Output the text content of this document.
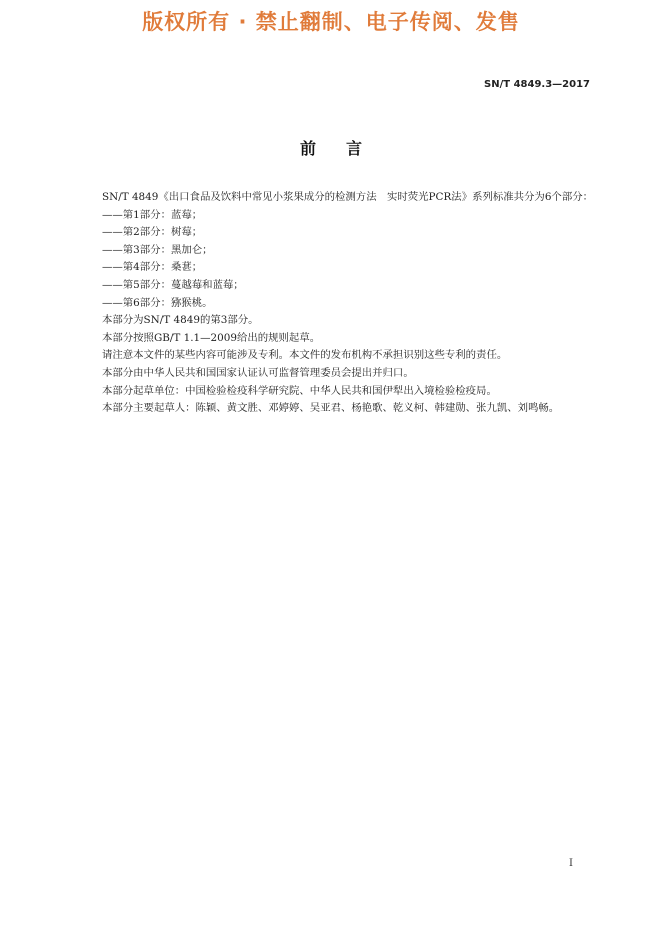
版权所有 · 禁止翻制、电子传阅、发售
SN/T 4849.3—2017
前言

SN/T 4849《出口食品及饮料中常见小浆果成分的检测方法　实时荧光PCR法》系列标准共分为6个部分：

——第1部分：蓝莓；

——第2部分：树莓；

——第3部分：黑加仑；

——第4部分：桑葚；

——第5部分：蔓越莓和蓝莓；

——第6部分：猕猴桃。

本部分为SN/T 4849的第3部分。

本部分按照GB/T 1.1—2009给出的规则起草。

请注意本文件的某些内容可能涉及专利。本文件的发布机构不承担识别这些专利的责任。

本部分由中华人民共和国国家认证认可监督管理委员会提出并归口。

本部分起草单位：中国检验检疫科学研究院、中华人民共和国伊犁出入境检验检疫局。

本部分主要起草人：陈颖、黄文胜、邓婷婷、吴亚君、杨艳歌、乾义柯、韩建勋、张九凯、刘鸣畅。

I
